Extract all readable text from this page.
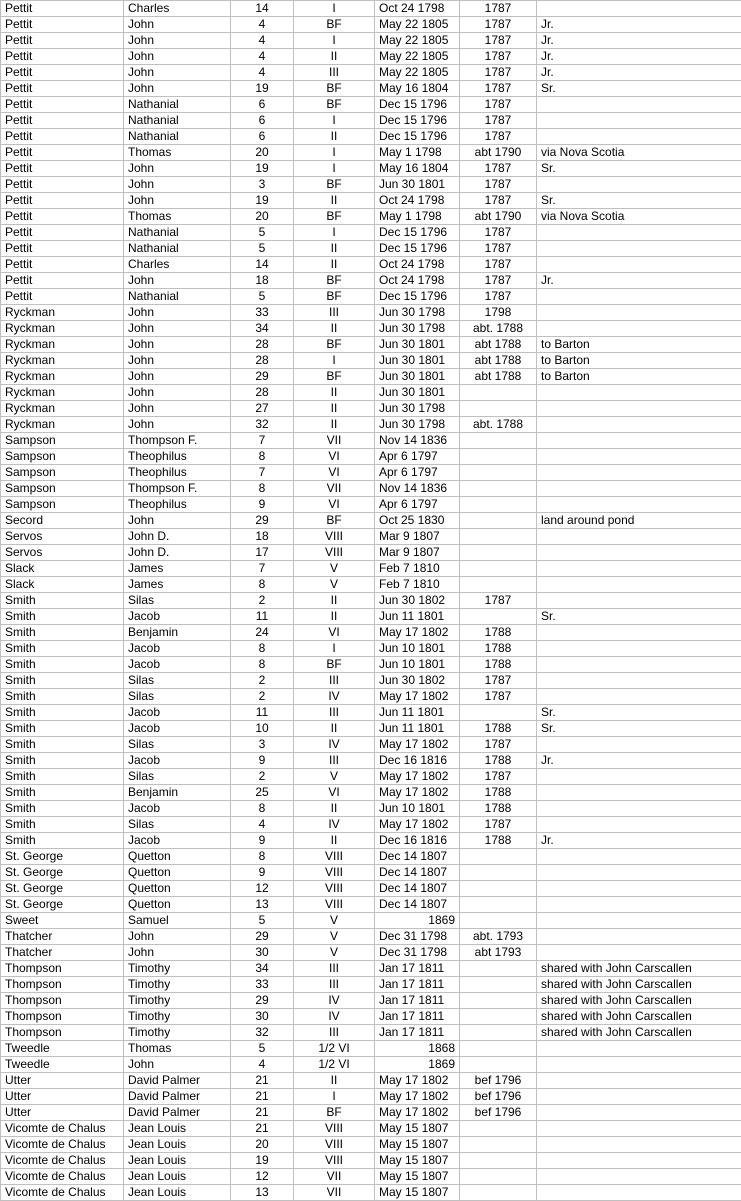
Pettit	Charles	14	I	Oct 24 1798	1787	
Pettit	John	4	BF	May 22 1805	1787	Jr.
Pettit	John	4	I	May 22 1805	1787	Jr.
Pettit	John	4	II	May 22 1805	1787	Jr.
Pettit	John	4	III	May 22 1805	1787	Jr.
Pettit	John	19	BF	May 16 1804	1787	Sr.
Pettit	Nathanial	6	BF	Dec 15 1796	1787	
Pettit	Nathanial	6	I	Dec 15 1796	1787	
Pettit	Nathanial	6	II	Dec 15 1796	1787	
Pettit	Thomas	20	I	May 1 1798	abt 1790	via Nova Scotia
Pettit	John	19	I	May 16 1804	1787	Sr.
Pettit	John	3	BF	Jun 30 1801	1787	
Pettit	John	19	II	Oct 24 1798	1787	Sr.
Pettit	Thomas	20	BF	May 1 1798	abt 1790	via Nova Scotia
Pettit	Nathanial	5	I	Dec 15 1796	1787	
Pettit	Nathanial	5	II	Dec 15 1796	1787	
Pettit	Charles	14	II	Oct 24 1798	1787	
Pettit	John	18	BF	Oct 24 1798	1787	Jr.
Pettit	Nathanial	5	BF	Dec 15 1796	1787	
Ryckman	John	33	III	Jun 30 1798	1798	
Ryckman	John	34	II	Jun 30 1798	abt. 1788	
Ryckman	John	28	BF	Jun 30 1801	abt 1788	to Barton
Ryckman	John	28	I	Jun 30 1801	abt 1788	to Barton
Ryckman	John	29	BF	Jun 30 1801	abt 1788	to Barton
Ryckman	John	28	II	Jun 30 1801		
Ryckman	John	27	II	Jun 30 1798		
Ryckman	John	32	II	Jun 30 1798	abt. 1788	
Sampson	Thompson F.	7	VII	Nov 14 1836		
Sampson	Theophilus	8	VI	Apr 6 1797		
Sampson	Theophilus	7	VI	Apr 6 1797		
Sampson	Thompson F.	8	VII	Nov 14 1836		
Sampson	Theophilus	9	VI	Apr 6 1797		
Secord	John	29	BF	Oct 25 1830		land around pond
Servos	John D.	18	VIII	Mar 9 1807		
Servos	John D.	17	VIII	Mar 9 1807		
Slack	James	7	V	Feb 7 1810		
Slack	James	8	V	Feb 7 1810		
Smith	Silas	2	II	Jun 30 1802	1787	
Smith	Jacob	11	II	Jun 11 1801		Sr.
Smith	Benjamin	24	VI	May 17 1802	1788	
Smith	Jacob	8	I	Jun 10 1801	1788	
Smith	Jacob	8	BF	Jun 10 1801	1788	
Smith	Silas	2	III	Jun 30 1802	1787	
Smith	Silas	2	IV	May 17 1802	1787	
Smith	Jacob	11	III	Jun 11 1801		Sr.
Smith	Jacob	10	II	Jun 11 1801	1788	Sr.
Smith	Silas	3	IV	May 17 1802	1787	
Smith	Jacob	9	III	Dec 16 1816	1788	Jr.
Smith	Silas	2	V	May 17 1802	1787	
Smith	Benjamin	25	VI	May 17 1802	1788	
Smith	Jacob	8	II	Jun 10 1801	1788	
Smith	Silas	4	IV	May 17 1802	1787	
Smith	Jacob	9	II	Dec 16 1816	1788	Jr.
St. George	Quetton	8	VIII	Dec 14 1807		
St. George	Quetton	9	VIII	Dec 14 1807		
St. George	Quetton	12	VIII	Dec 14 1807		
St. George	Quetton	13	VIII	Dec 14 1807		
Sweet	Samuel	5	V	1869		
Thatcher	John	29	V	Dec 31 1798	abt. 1793	
Thatcher	John	30	V	Dec 31 1798	abt 1793	
Thompson	Timothy	34	III	Jan 17 1811		shared with John Carscallen
Thompson	Timothy	33	III	Jan 17 1811		shared with John Carscallen
Thompson	Timothy	29	IV	Jan 17 1811		shared with John Carscallen
Thompson	Timothy	30	IV	Jan 17 1811		shared with John Carscallen
Thompson	Timothy	32	III	Jan 17 1811		shared with John Carscallen
Tweedle	Thomas	5	1/2 VI	1868		
Tweedle	John	4	1/2 VI	1869		
Utter	David Palmer	21	II	May 17 1802	bef 1796	
Utter	David Palmer	21	I	May 17 1802	bef 1796	
Utter	David Palmer	21	BF	May 17 1802	bef 1796	
Vicomte de Chalus	Jean Louis	21	VIII	May 15 1807		
Vicomte de Chalus	Jean Louis	20	VIII	May 15 1807		
Vicomte de Chalus	Jean Louis	19	VIII	May 15 1807		
Vicomte de Chalus	Jean Louis	12	VII	May 15 1807		
Vicomte de Chalus	Jean Louis	13	VII	May 15 1807		
